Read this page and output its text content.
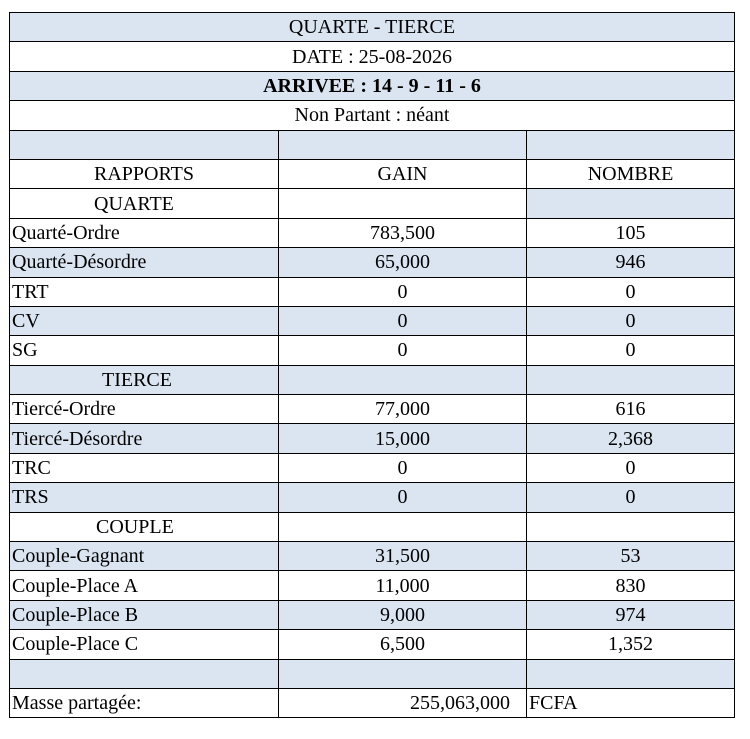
QUARTE - TIERCE		
DATE : 25-08-2026		
ARRIVEE : 14 - 9 - 11 - 6		
Non Partant : néant		

RAPPORTS	GAIN	NOMBRE
QUARTE		
Quarté-Ordre	783,500	105
Quarté-Désordre	65,000	946
TRT	0	0
CV	0	0
SG	0	0
TIERCE		
Tiercé-Ordre	77,000	616
Tiercé-Désordre	15,000	2,368
TRC	0	0
TRS	0	0
COUPLE		
Couple-Gagnant	31,500	53
Couple-Place A	11,000	830
Couple-Place B	9,000	974
Couple-Place C	6,500	1,352

Masse partagée:	255,063,000	FCFA
